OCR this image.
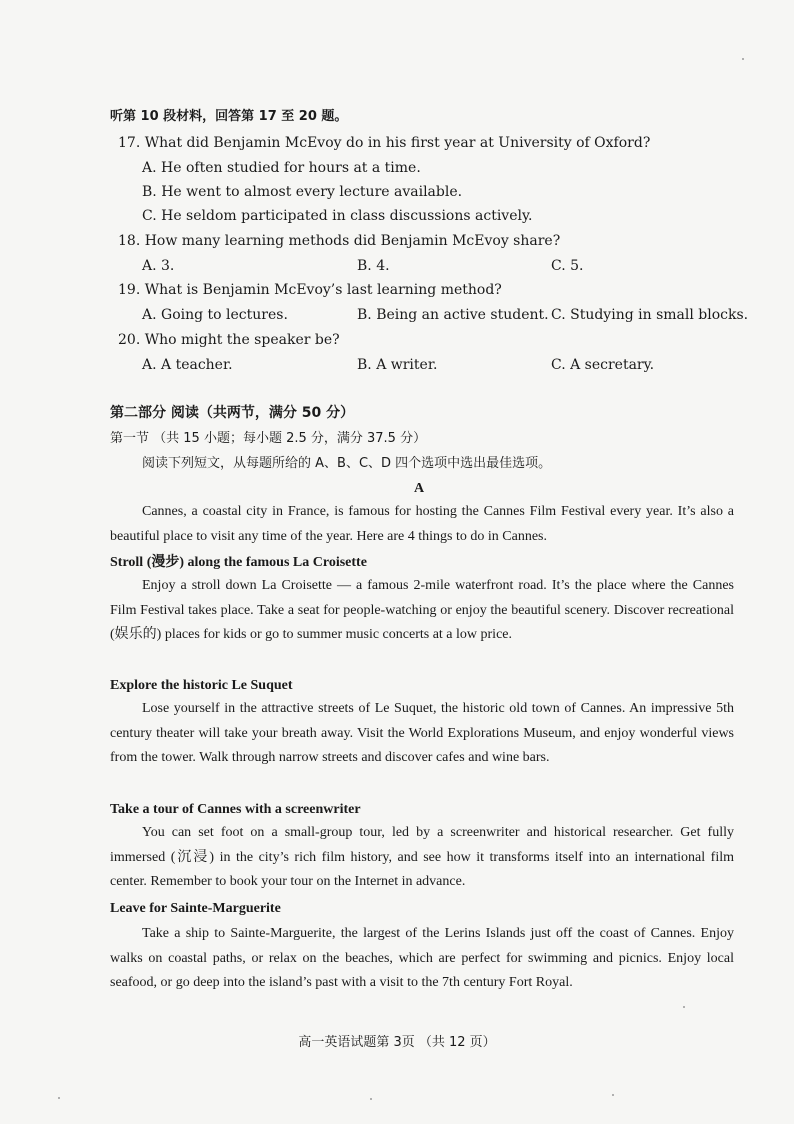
听第 10 段材料，回答第 17 至 20 题。
17. What did Benjamin McEvoy do in his first year at University of Oxford?
A. He often studied for hours at a time.
B. He went to almost every lecture available.
C. He seldom participated in class discussions actively.
18. How many learning methods did Benjamin McEvoy share?
A. 3.	B. 4.	C. 5.
19. What is Benjamin McEvoy’s last learning method?
A. Going to lectures.	B. Being an active student. C. Studying in small blocks.
20. Who might the speaker be?
A. A teacher.	B. A writer.	C. A secretary.
第二部分 阅读（共两节，满分 50 分）
第一节 （共 15 小题；每小题 2.5 分，满分 37.5 分）
阅读下列短文，从每题所给的 A、B、C、D 四个选项中选出最佳选项。
A
Cannes, a coastal city in France, is famous for hosting the Cannes Film Festival every year. It’s also a beautiful place to visit any time of the year. Here are 4 things to do in Cannes.
Stroll (漫步) along the famous La Croisette
Enjoy a stroll down La Croisette — a famous 2-mile waterfront road. It’s the place where the Cannes Film Festival takes place. Take a seat for people-watching or enjoy the beautiful scenery. Discover recreational (娱乐的) places for kids or go to summer music concerts at a low price.
Explore the historic Le Suquet
Lose yourself in the attractive streets of Le Suquet, the historic old town of Cannes. An impressive 5th century theater will take your breath away. Visit the World Explorations Museum, and enjoy wonderful views from the tower. Walk through narrow streets and discover cafes and wine bars.
Take a tour of Cannes with a screenwriter
You can set foot on a small-group tour, led by a screenwriter and historical researcher. Get fully immersed (沉浸) in the city’s rich film history, and see how it transforms itself into an international film center. Remember to book your tour on the Internet in advance.
Leave for Sainte-Marguerite
Take a ship to Sainte-Marguerite, the largest of the Lerins Islands just off the coast of Cannes. Enjoy walks on coastal paths, or relax on the beaches, which are perfect for swimming and picnics. Enjoy local seafood, or go deep into the island’s past with a visit to the 7th century Fort Royal.
高一英语试题第 3页 （共 12 页）
